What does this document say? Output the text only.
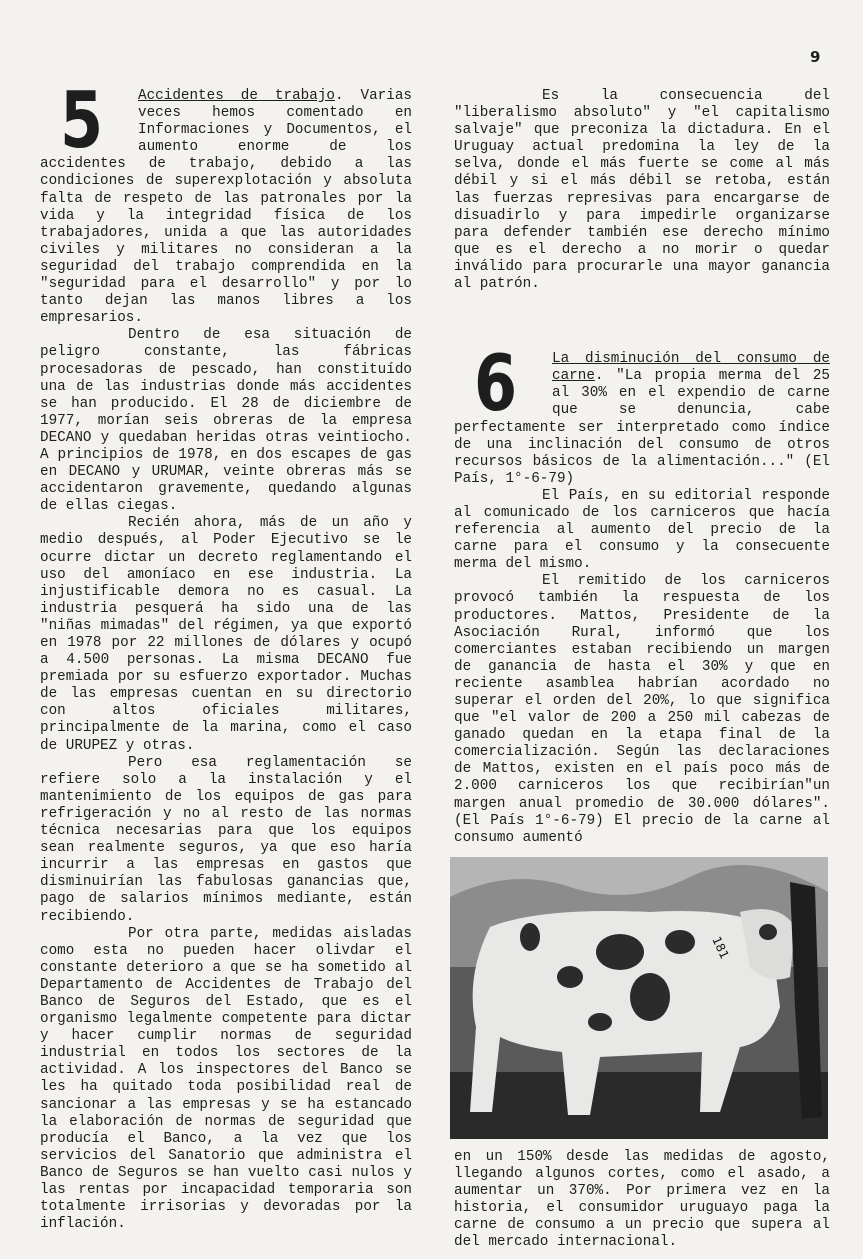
9
5	Accidentes de trabajo. Varias veces hemos comentado en Informaciones y Documentos, el aumento enorme de los accidentes de trabajo, debido a las condiciones de superexplotación y absoluta falta de respeto de las patronales por la vida y la integridad física de los trabajadores, unida a que las autoridades civiles y militares no consideran a la seguridad del trabajo comprendida en la "seguridad para el desarrollo" y por lo tanto dejan las manos libres a los empresarios.

Dentro de esa situación de peligro constante, las fábricas procesadoras de pescado, han constituído una de las industrias donde más accidentes se han producido. El 28 de diciembre de 1977, morían seis obreras de la empresa DECANO y quedaban heridas otras veintiocho. A principios de 1978, en dos escapes de gas en DECANO y URUMAR, veinte obreras más se accidentaron gravemente, quedando algunas de ellas ciegas.

Recién ahora, más de un año y medio después, al Poder Ejecutivo se le ocurre dictar un decreto reglamentando el uso del amoníaco en ese industria. La injustificable demora no es casual. La industria pesquerá ha sido una de las "niñas mimadas" del régimen, ya que exportó en 1978 por 22 millones de dólares y ocupó a 4.500 personas. La misma DECANO fue premiada por su esfuerzo exportador. Muchas de las empresas cuentan en su directorio con altos oficiales militares, principalmente de la marina, como el caso de URUPEZ y otras.

Pero esa reglamentación se refiere solo a la instalación y el mantenimiento de los equipos de gas para refrigeración y no al resto de las normas técnica necesarias para que los equipos sean realmente seguros, ya que eso haría incurrir a las empresas en gastos que disminuirían las fabulosas ganancias que, pago de salarios mínimos mediante, están recibiendo.

Por otra parte, medidas aisladas como esta no pueden hacer olivdar el constante deterioro a que se ha sometido al Departamento de Accidentes de Trabajo del Banco de Seguros del Estado, que es el organismo legalmente competente para dictar y hacer cumplir normas de seguridad industrial en todos los sectores de la actividad. A los inspectores del Banco se les ha quitado toda posibilidad real de sancionar a las empresas y se ha estancado la elaboración de normas de seguridad que producía el Banco, a la vez que los servicios del Sanatorio que administra el Banco de Seguros se han vuelto casi nulos y las rentas por incapacidad temporaria son totalmente irrisorias y devoradas por la inflación.

Es la consecuencia del "liberalismo absoluto" y "el capitalismo salvaje" que preconiza la dictadura. En el Uruguay actual predomina la ley de la selva, donde el más fuerte se come al más débil y si el más débil se retoba, están las fuerzas represivas para encargarse de disuadirlo y para impedirle organizarse para defender también ese derecho mínimo que es el derecho a no morir o quedar inválido para procurarle una mayor ganancia al patrón.

6	La disminución del consumo de carne. "La propia merma del 25 al 30% en el expendio de carne que se denuncia, cabe perfectamente ser interpretado como índice de una inclinación del consumo de otros recursos básicos de la alimentación..." (El País, 1°-6-79)

El País, en su editorial responde al comunicado de los carniceros que hacía referencia al aumento del precio de la carne para el consumo y la consecuente merma del mismo.

El remitido de los carniceros provocó también la respuesta de los productores. Mattos, Presidente de la Asociación Rural, informó que los comerciantes estaban recibiendo un margen de ganancia de hasta el 30% y que en reciente asamblea habrían acordado no superar el orden del 20%, lo que significa que "el valor de 200 a 250 mil cabezas de ganado quedan en la etapa final de la comercialización. Según las declaraciones de Mattos, existen en el país poco más de 2.000 carniceros los que recibirían"un margen anual promedio de 30.000 dólares". (El País 1°-6-79) El precio de la carne al consumo aumentó

181

en un 150% desde las medidas de agosto, llegando algunos cortes, como el asado, a aumentar un 370%. Por primera vez en la historia, el consumidor uruguayo paga la carne de consumo a un precio que supera al del mercado internacional.
